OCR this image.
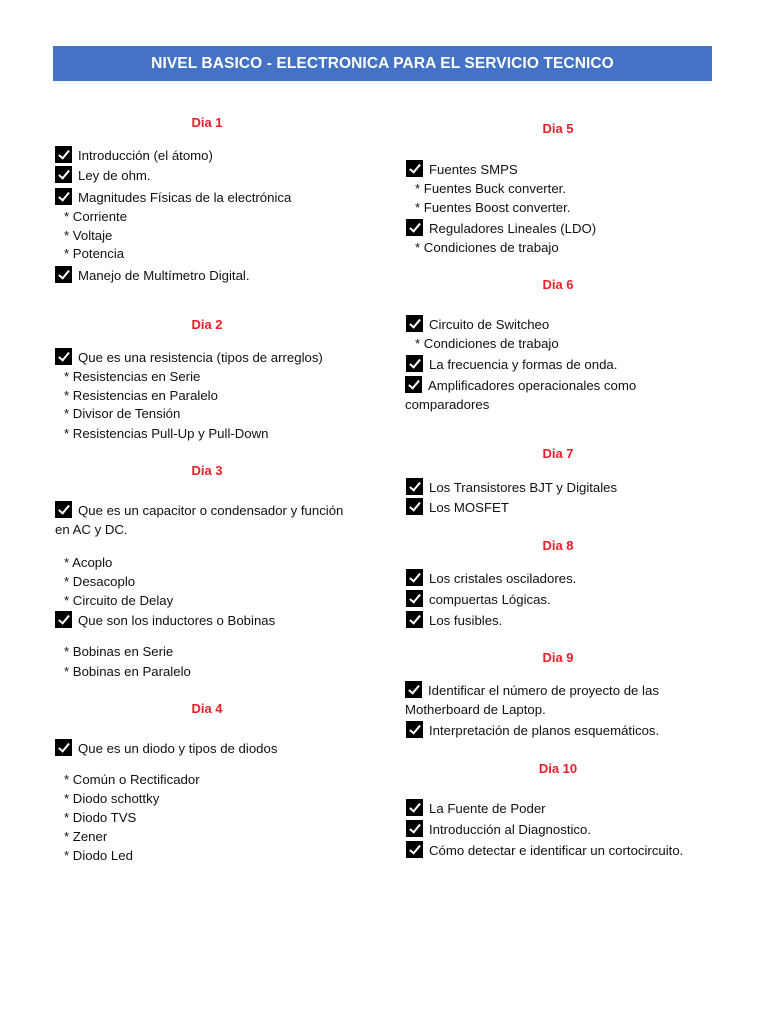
NIVEL BASICO - ELECTRONICA PARA EL SERVICIO TECNICO
Dia 1
Introducción (el átomo)
Ley de ohm.
Magnitudes Físicas de la electrónica
* Corriente
* Voltaje
* Potencia
Manejo de Multímetro Digital.
Dia 2
Que es una resistencia (tipos de arreglos)
* Resistencias en Serie
* Resistencias en Paralelo
* Divisor de Tensión
* Resistencias Pull-Up y Pull-Down
Dia 3
Que es un capacitor o condensador y función en AC y DC.
* Acoplo
* Desacoplo
* Circuito de Delay
Que son los inductores o Bobinas
* Bobinas en Serie
* Bobinas en Paralelo
Dia 4
Que es un diodo y tipos de diodos
* Común o Rectificador
* Diodo schottky
* Diodo TVS
* Zener
* Diodo Led
Dia 5
Fuentes SMPS
* Fuentes Buck converter.
* Fuentes Boost converter.
Reguladores Lineales (LDO)
* Condiciones de trabajo
Dia 6
Circuito de Switcheo
* Condiciones de trabajo
La frecuencia y formas de onda.
Amplificadores operacionales como comparadores
Dia 7
Los Transistores BJT y Digitales
Los MOSFET
Dia 8
Los cristales osciladores.
compuertas Lógicas.
Los fusibles.
Dia 9
Identificar el número de proyecto de las Motherboard de Laptop.
Interpretación de planos esquemáticos.
Dia 10
La Fuente de Poder
Introducción al Diagnostico.
Cómo detectar e identificar un cortocircuito.
